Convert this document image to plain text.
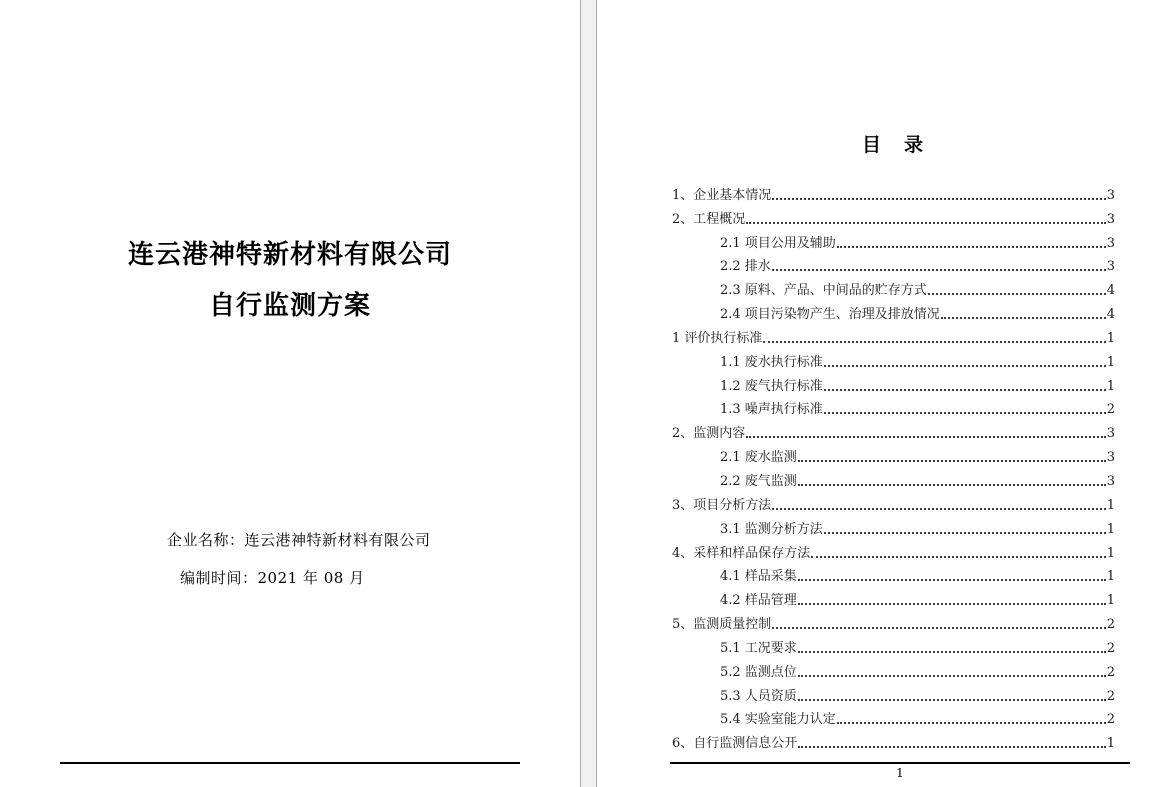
连云港神特新材料有限公司
自行监测方案
企业名称：连云港神特新材料有限公司
编制时间：2021 年 08 月
目　录
1、企业基本情况	3
2、工程概况	3
2.1 项目公用及辅助	3
2.2 排水	3
2.3 原料、产品、中间品的贮存方式	4
2.4 项目污染物产生、治理及排放情况	4
1 评价执行标准	1
1.1 废水执行标准	1
1.2 废气执行标准	1
1.3 噪声执行标准	2
2、监测内容	3
2.1 废水监测	3
2.2 废气监测	3
3、项目分析方法	1
3.1 监测分析方法	1
4、采样和样品保存方法	1
4.1 样品采集	1
4.2 样品管理	1
5、监测质量控制	2
5.1 工况要求	2
5.2 监测点位	2
5.3 人员资质	2
5.4 实验室能力认定	2
6、自行监测信息公开	1
1
